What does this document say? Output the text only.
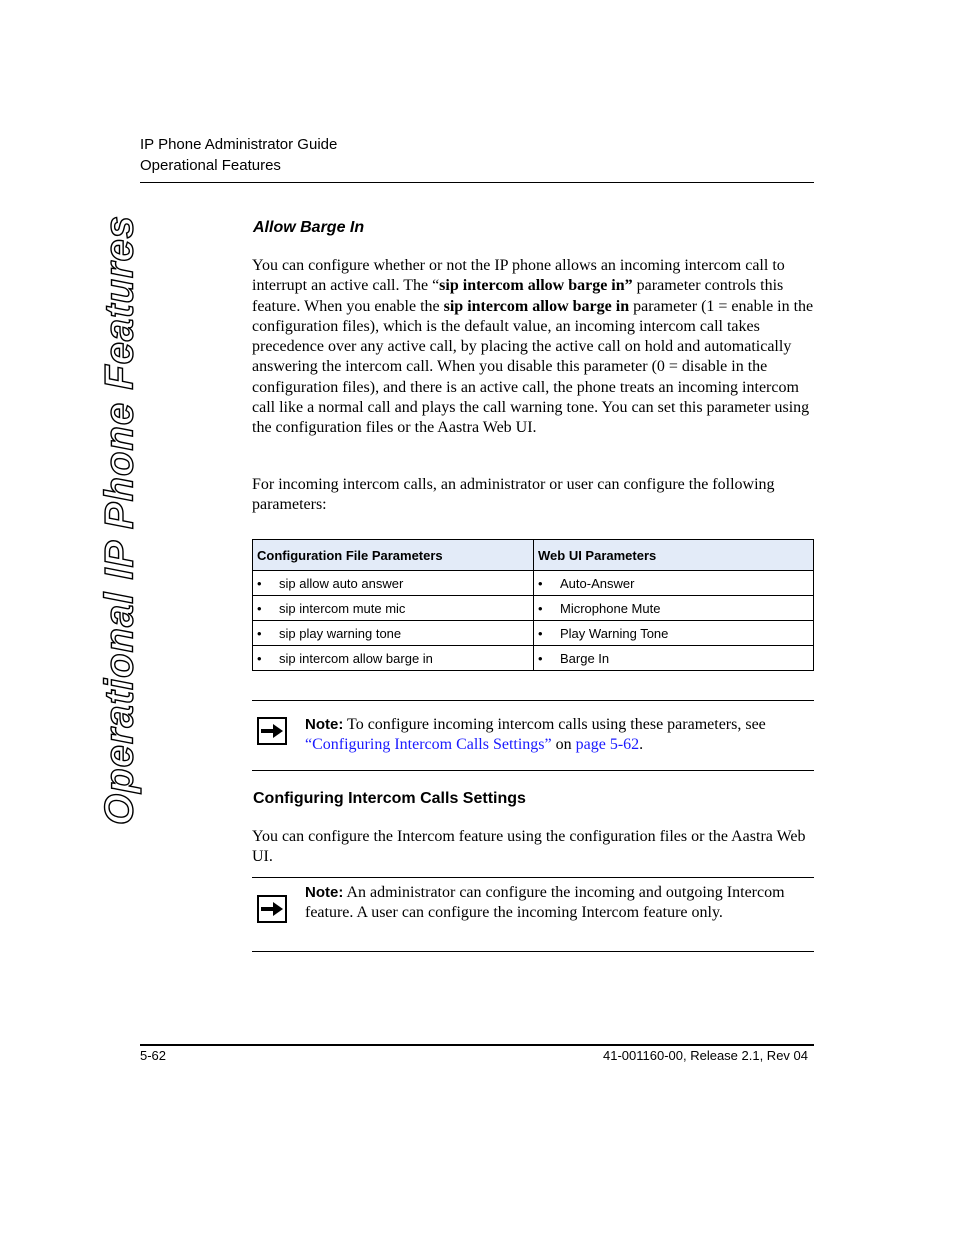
IP Phone Administrator Guide
Operational Features
Operational IP Phone Features	Allow Barge In
You can configure whether or not the IP phone allows an incoming intercom call to interrupt an active call. The “sip intercom allow barge in” parameter controls this feature. When you enable the sip intercom allow barge in parameter (1 = enable in the configuration files), which is the default value, an incoming intercom call takes precedence over any active call, by placing the active call on hold and automatically answering the intercom call. When you disable this parameter (0 = disable in the configuration files), and there is an active call, the phone treats an incoming intercom call like a normal call and plays the call warning tone. You can set this parameter using the configuration files or the Aastra Web UI.
For incoming intercom calls, an administrator or user can configure the following parameters:
Configuration File Parameters	Web UI Parameters
• sip allow auto answer	• Auto-Answer
• sip intercom mute mic	• Microphone Mute
• sip play warning tone	• Play Warning Tone
• sip intercom allow barge in	• Barge In
Note: To configure incoming intercom calls using these parameters, see “Configuring Intercom Calls Settings” on page 5-62.
Configuring Intercom Calls Settings
You can configure the Intercom feature using the configuration files or the Aastra Web UI.
Note: An administrator can configure the incoming and outgoing Intercom feature. A user can configure the incoming Intercom feature only.
5-62	41-001160-00, Release 2.1, Rev 04
